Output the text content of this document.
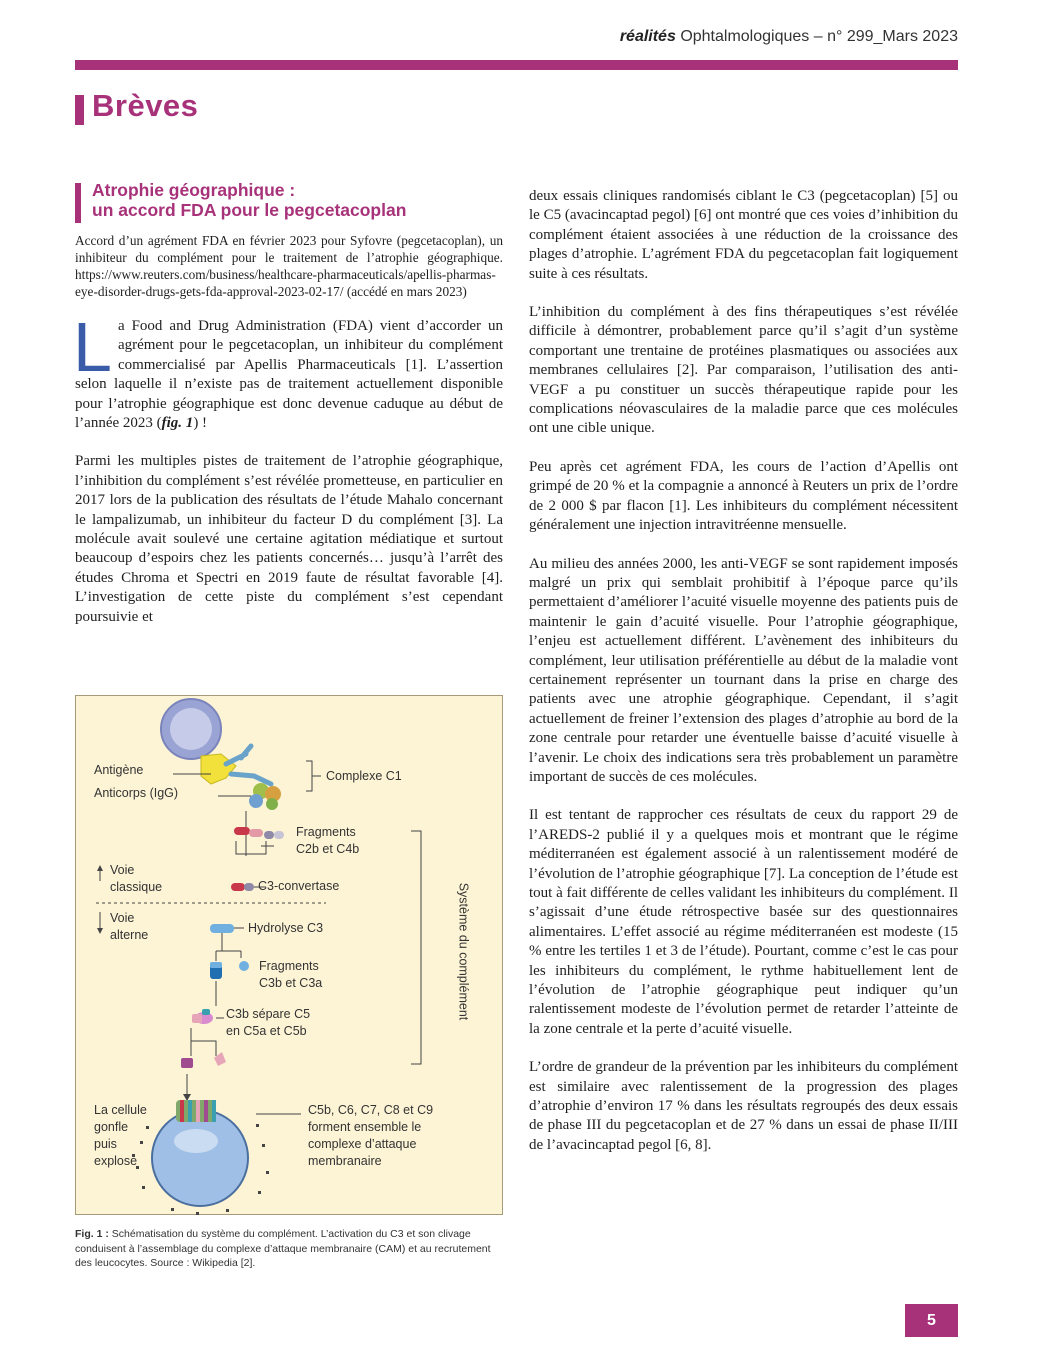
réalités Ophtalmologiques – n° 299_Mars 2023
Brèves
Atrophie géographique :
un accord FDA pour le pegcetacoplan

Accord d’un agrément FDA en février 2023 pour Syfovre (pegcetacoplan), un inhibiteur du complément pour le traitement de l’atrophie géographique. https://www.reuters.com/business/healthcare-pharmaceuticals/apellis-pharmas-eye-disorder-drugs-gets-fda-approval-2023-02-17/ (accédé en mars 2023)

La Food and Drug Administration (FDA) vient d’accorder un agrément pour le pegcetacoplan, un inhibiteur du complément commercialisé par Apellis Pharmaceuticals [1]. L’assertion selon laquelle il n’existe pas de traitement actuellement disponible pour l’atrophie géographique est donc devenue caduque au début de l’année 2023 (fig. 1) !

Parmi les multiples pistes de traitement de l’atrophie géographique, l’inhibition du complément s’est révélée prometteuse, en particulier en 2017 lors de la publication des résultats de l’étude Mahalo concernant le lampalizumab, un inhibiteur du facteur D du complément [3]. La molécule avait soulevé une certaine agitation médiatique et surtout beaucoup d’espoirs chez les patients concernés… jusqu’à l’arrêt des études Chroma et Spectri en 2019 faute de résultat favorable [4]. L’investigation de cette piste du complément s’est cependant poursuivie et

Antigène
Anticorps (IgG)
Complexe C1
Fragments
C2b et C4b
Voie
classique	C3-convertase
Voie
alterne	Hydrolyse C3
Fragments
C3b et C3a
C3b sépare C5
en C5a et C5b
La cellule
gonfle
puis
explose
C5b, C6, C7, C8 et C9
forment ensemble le
complexe d’attaque
membranaire
Système du complément
Fig. 1 : Schématisation du système du complément. L’activation du C3 et son clivage conduisent à l’assemblage du complexe d’attaque membranaire (CAM) et au recrutement des leucocytes. Source : Wikipedia [2].

deux essais cliniques randomisés ciblant le C3 (pegcetacoplan) [5] ou le C5 (avacincaptad pegol) [6] ont montré que ces voies d’inhibition du complément étaient associées à une réduction de la croissance des plages d’atrophie. L’agrément FDA du pegcetacoplan fait logiquement suite à ces résultats.

L’inhibition du complément à des fins thérapeutiques s’est révélée difficile à démontrer, probablement parce qu’il s’agit d’un système comportant une trentaine de protéines plasmatiques ou associées aux membranes cellulaires [2]. Par comparaison, l’utilisation des anti-VEGF a pu constituer un succès thérapeutique rapide pour les complications néovasculaires de la maladie parce que ces molécules ont une cible unique.

Peu après cet agrément FDA, les cours de l’action d’Apellis ont grimpé de 20 % et la compagnie a annoncé à Reuters un prix de l’ordre de 2 000 $ par flacon [1]. Les inhibiteurs du complément nécessitent généralement une injection intravitréenne mensuelle.

Au milieu des années 2000, les anti-VEGF se sont rapidement imposés malgré un prix qui semblait prohibitif à l’époque parce qu’ils permettaient d’améliorer l’acuité visuelle moyenne des patients puis de maintenir le gain d’acuité visuelle. Pour l’atrophie géographique, l’enjeu est actuellement différent. L’avènement des inhibiteurs du complément, leur utilisation préférentielle au début de la maladie vont certainement représenter un tournant dans la prise en charge des patients avec une atrophie géographique. Cependant, il s’agit actuellement de freiner l’extension des plages d’atrophie au bord de la zone centrale pour retarder une éventuelle baisse d’acuité visuelle à l’avenir. Le choix des indications sera très probablement un paramètre important de succès de ces molécules.

Il est tentant de rapprocher ces résultats de ceux du rapport 29 de l’AREDS-2 publié il y a quelques mois et montrant que le régime méditerranéen est également associé à un ralentissement modéré de l’évolution de l’atrophie géographique [7]. La conception de l’étude est tout à fait différente de celles validant les inhibiteurs du complément. Il s’agissait d’une étude rétrospective basée sur des questionnaires alimentaires. L’effet associé au régime méditerranéen est modeste (15 % entre les tertiles 1 et 3 de l’étude). Pourtant, comme c’est le cas pour les inhibiteurs du complément, le rythme habituellement lent de l’évolution de l’atrophie géographique peut indiquer qu’un ralentissement modeste de l’évolution permet de retarder l’atteinte de la zone centrale et la perte d’acuité visuelle.

L’ordre de grandeur de la prévention par les inhibiteurs du complément est similaire avec ralentissement de la progression des plages d’atrophie d’environ 17 % dans les résultats regroupés des deux essais de phase III du pegcetacoplan et de 27 % dans un essai de phase II/III de l’avacincaptad pegol [6, 8].

5
